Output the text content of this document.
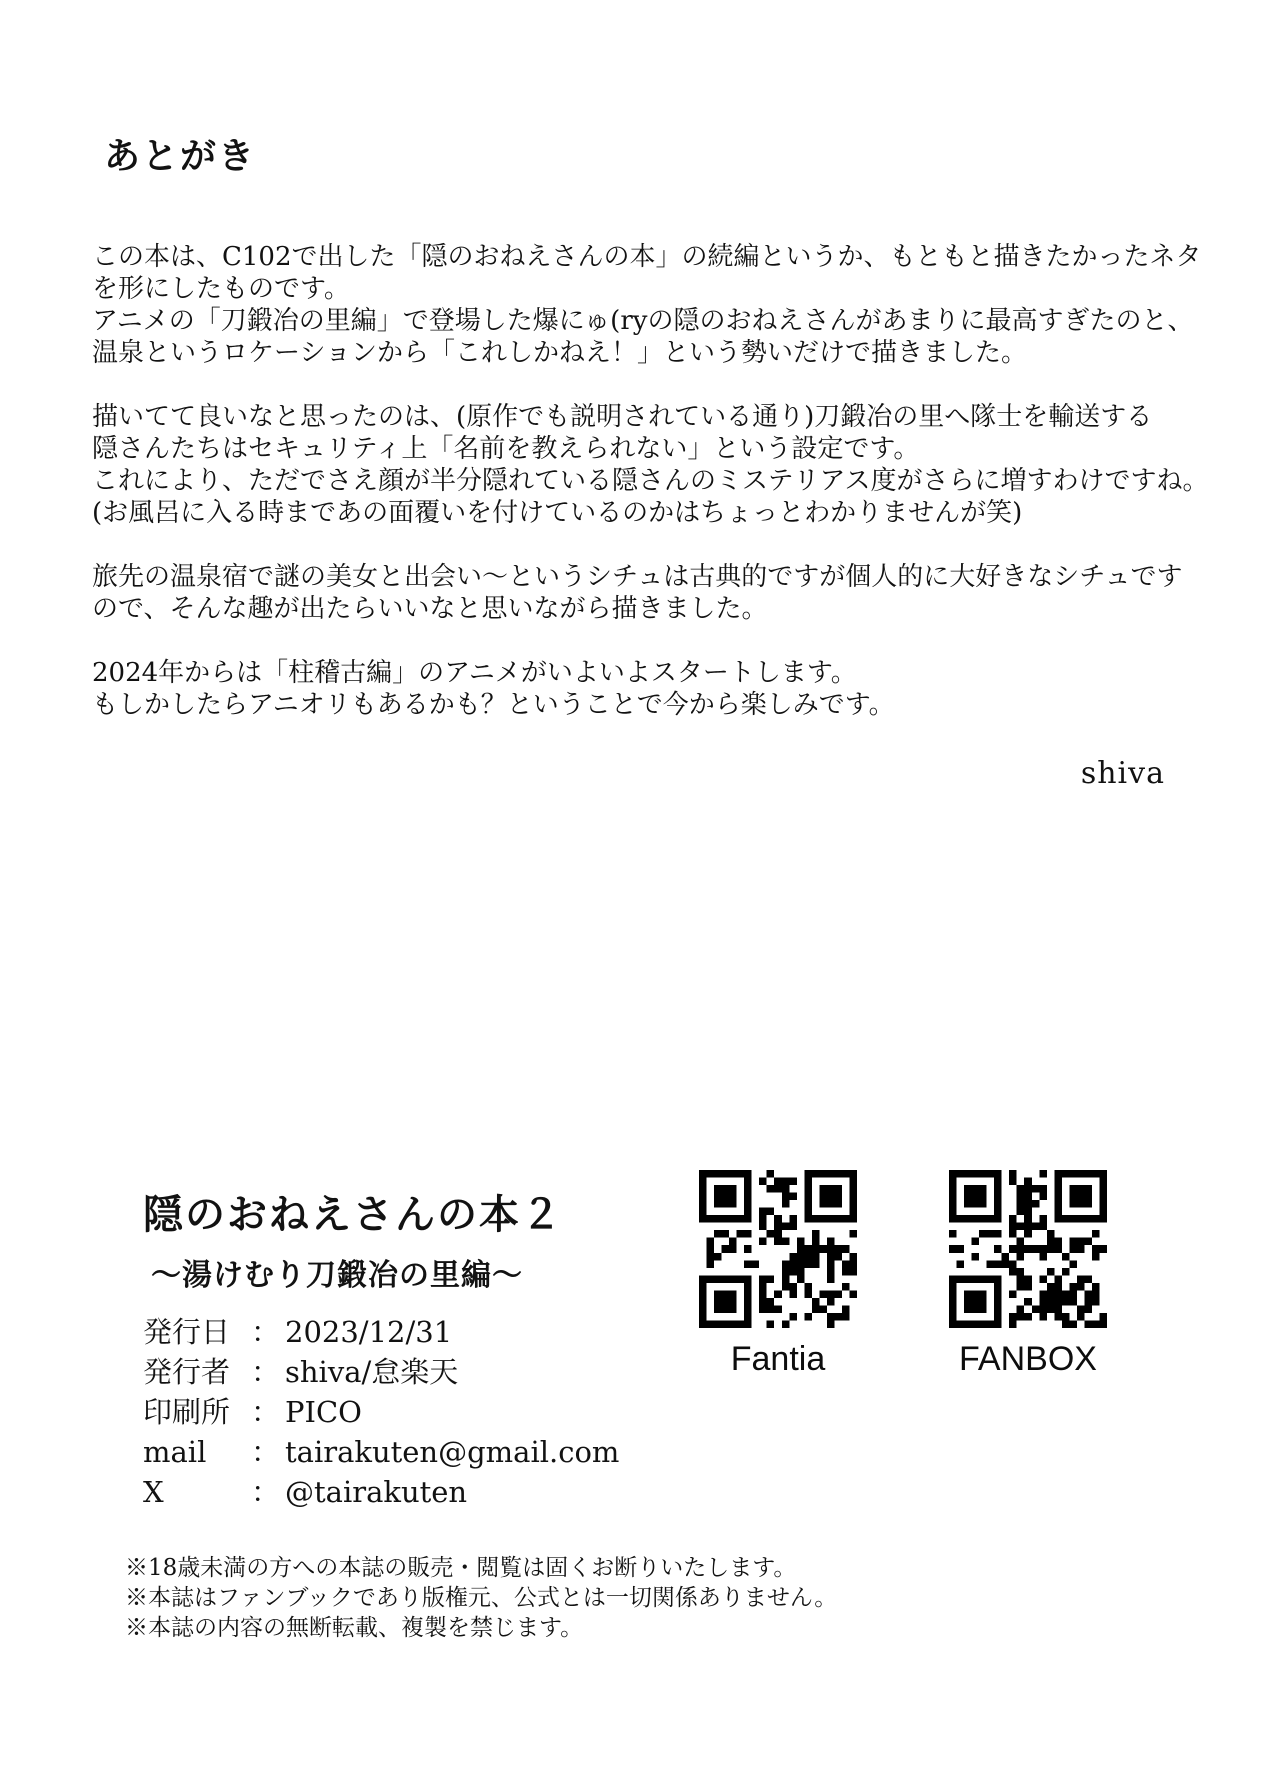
あとがき
この本は、C102で出した「隠のおねえさんの本」の続編というか、もともと描きたかったネタ
を形にしたものです。
アニメの「刀鍛冶の里編」で登場した爆にゅ(ryの隠のおねえさんがあまりに最高すぎたのと、
温泉というロケーションから「これしかねえ！」という勢いだけで描きました。
描いてて良いなと思ったのは、(原作でも説明されている通り)刀鍛冶の里へ隊士を輸送する
隠さんたちはセキュリティ上「名前を教えられない」という設定です。
これにより、ただでさえ顔が半分隠れている隠さんのミステリアス度がさらに増すわけですね。
(お風呂に入る時まであの面覆いを付けているのかはちょっとわかりませんが笑)
旅先の温泉宿で謎の美女と出会い〜というシチュは古典的ですが個人的に大好きなシチュです
ので、そんな趣が出たらいいなと思いながら描きました。
2024年からは「柱稽古編」のアニメがいよいよスタートします。
もしかしたらアニオリもあるかも？ということで今から楽しみです。
shiva
隠のおねえさんの本２
〜湯けむり刀鍛冶の里編〜
発行日 ： 2023/12/31
発行者 ： shiva/怠楽天
印刷所 ： PICO
mail	： tairakuten@gmail.com
X	： @tairakuten
※18歳未満の方への本誌の販売・閲覧は固くお断りいたします。
※本誌はファンブックであり版権元、公式とは一切関係ありません。
※本誌の内容の無断転載、複製を禁じます。
Fantia	FANBOX
